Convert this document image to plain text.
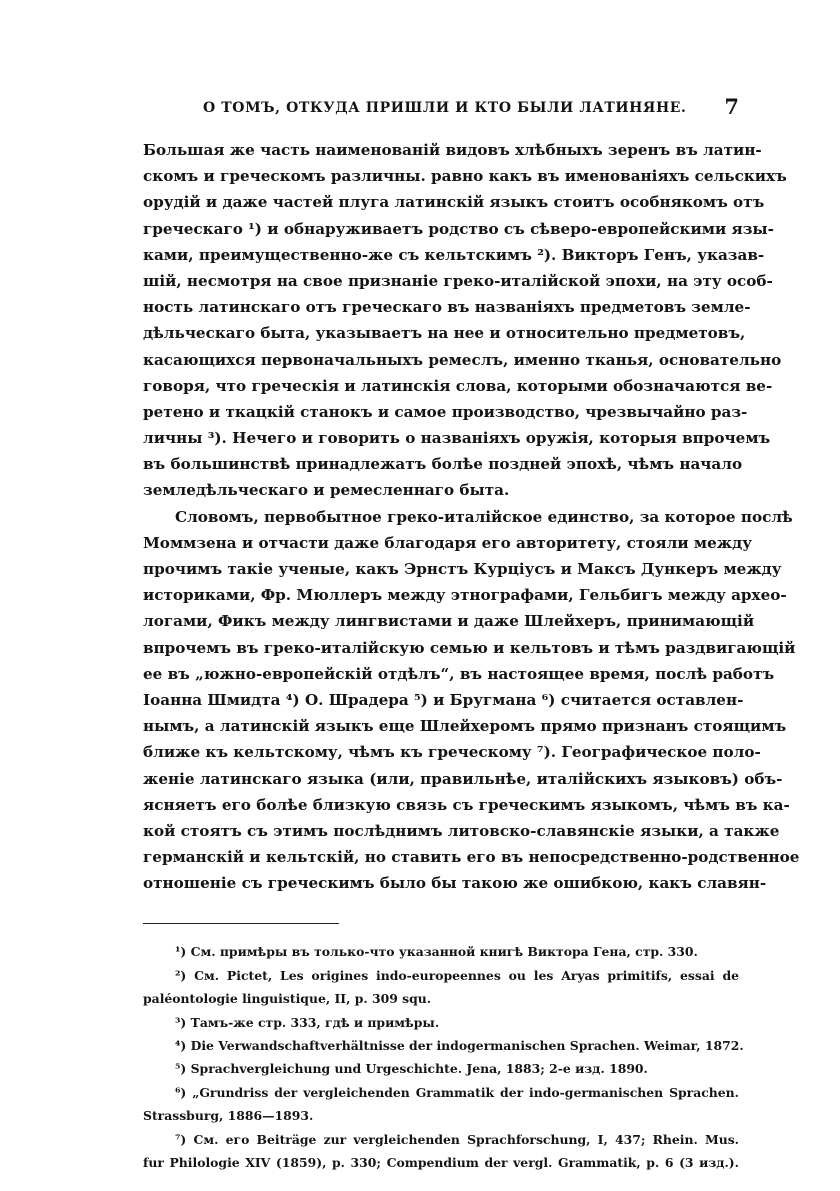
О ТОМЪ, ОТКУДА ПРИШЛИ И КТО БЫЛИ ЛАТИНЯНЕ. 7
Большая же часть наименованій видовъ хлѣбныхъ зеренъ въ латин-
скомъ и греческомъ различны. равно какъ въ именованіяхъ сельскихъ
орудій и даже частей плуга латинскій языкъ стоитъ особнякомъ отъ
греческаго ¹) и обнаруживаетъ родство съ сѣверо-европейскими язы-
ками, преимущественно-же съ кельтскимъ ²). Викторъ Генъ, указав-
шій, несмотря на свое признаніе греко-италійской эпохи, на эту особ-
ность латинскаго отъ греческаго въ названіяхъ предметовъ земле-
дѣльческаго быта, указываетъ на нее и относительно предметовъ,
касающихся первоначальныхъ ремеслъ, именно тканья, основательно
говоря, что греческія и латинскія слова, которыми обозначаются ве-
ретено и ткацкій станокъ и самое производство, чрезвычайно раз-
личны ³). Нечего и говорить о названіяхъ оружія, которыя впрочемъ
въ большинствѣ принадлежатъ болѣе поздней эпохѣ, чѣмъ начало
земледѣльческаго и ремесленнаго быта.
Словомъ, первобытное греко-италійское единство, за которое послѣ
Моммзена и отчасти даже благодаря его авторитету, стояли между
прочимъ такіе ученые, какъ Эрнстъ Курціусъ и Максъ Дункеръ между
историками, Фр. Мюллеръ между этнографами, Гельбигъ между архео-
логами, Фикъ между лингвистами и даже Шлейхеръ, принимающій
впрочемъ въ греко-италійскую семью и кельтовъ и тѣмъ раздвигающій
ее въ „южно-европейскій отдѣлъ“, въ настоящее время, послѣ работъ
Іоанна Шмидта ⁴) О. Шрадера ⁵) и Бругмана ⁶) считается оставлен-
нымъ, а латинскій языкъ еще Шлейхеромъ прямо признанъ стоящимъ
ближе къ кельтскому, чѣмъ къ греческому ⁷). Географическое поло-
женіе латинскаго языка (или, правильнѣе, италійскихъ языковъ) объ-
ясняетъ его болѣе близкую связь съ греческимъ языкомъ, чѣмъ въ ка-
кой стоятъ съ этимъ послѣднимъ литовско-славянскіе языки, а также
германскій и кельтскій, но ставить его въ непосредственно-родственное
отношеніе съ греческимъ было бы такою же ошибкою, какъ славян-
¹) См. примѣры въ только-что указанной книгѣ Виктора Гена, стр. 330.
²) См. Pictet, Les origines indo-europeennes ou les Aryas primitifs, essai de
paléontologie linguistique, II, p. 309 squ.
³) Тамъ-же стр. 333, гдѣ и примѣры.
⁴) Die Verwandschaftverhältnisse der indogermanischen Sprachen. Weimar, 1872.
⁵) Sprachvergleichung und Urgeschichte. Jena, 1883; 2-е изд. 1890.
⁶) „Grundriss der vergleichenden Grammatik der indo-germanischen Sprachen.
Strassburg, 1886—1893.
⁷) См. его Beiträge zur vergleichenden Sprachforschung, I, 437; Rhein. Mus.
fur Philologie XIV (1859), p. 330; Compendium der vergl. Grammatik, p. 6 (3 изд.).
